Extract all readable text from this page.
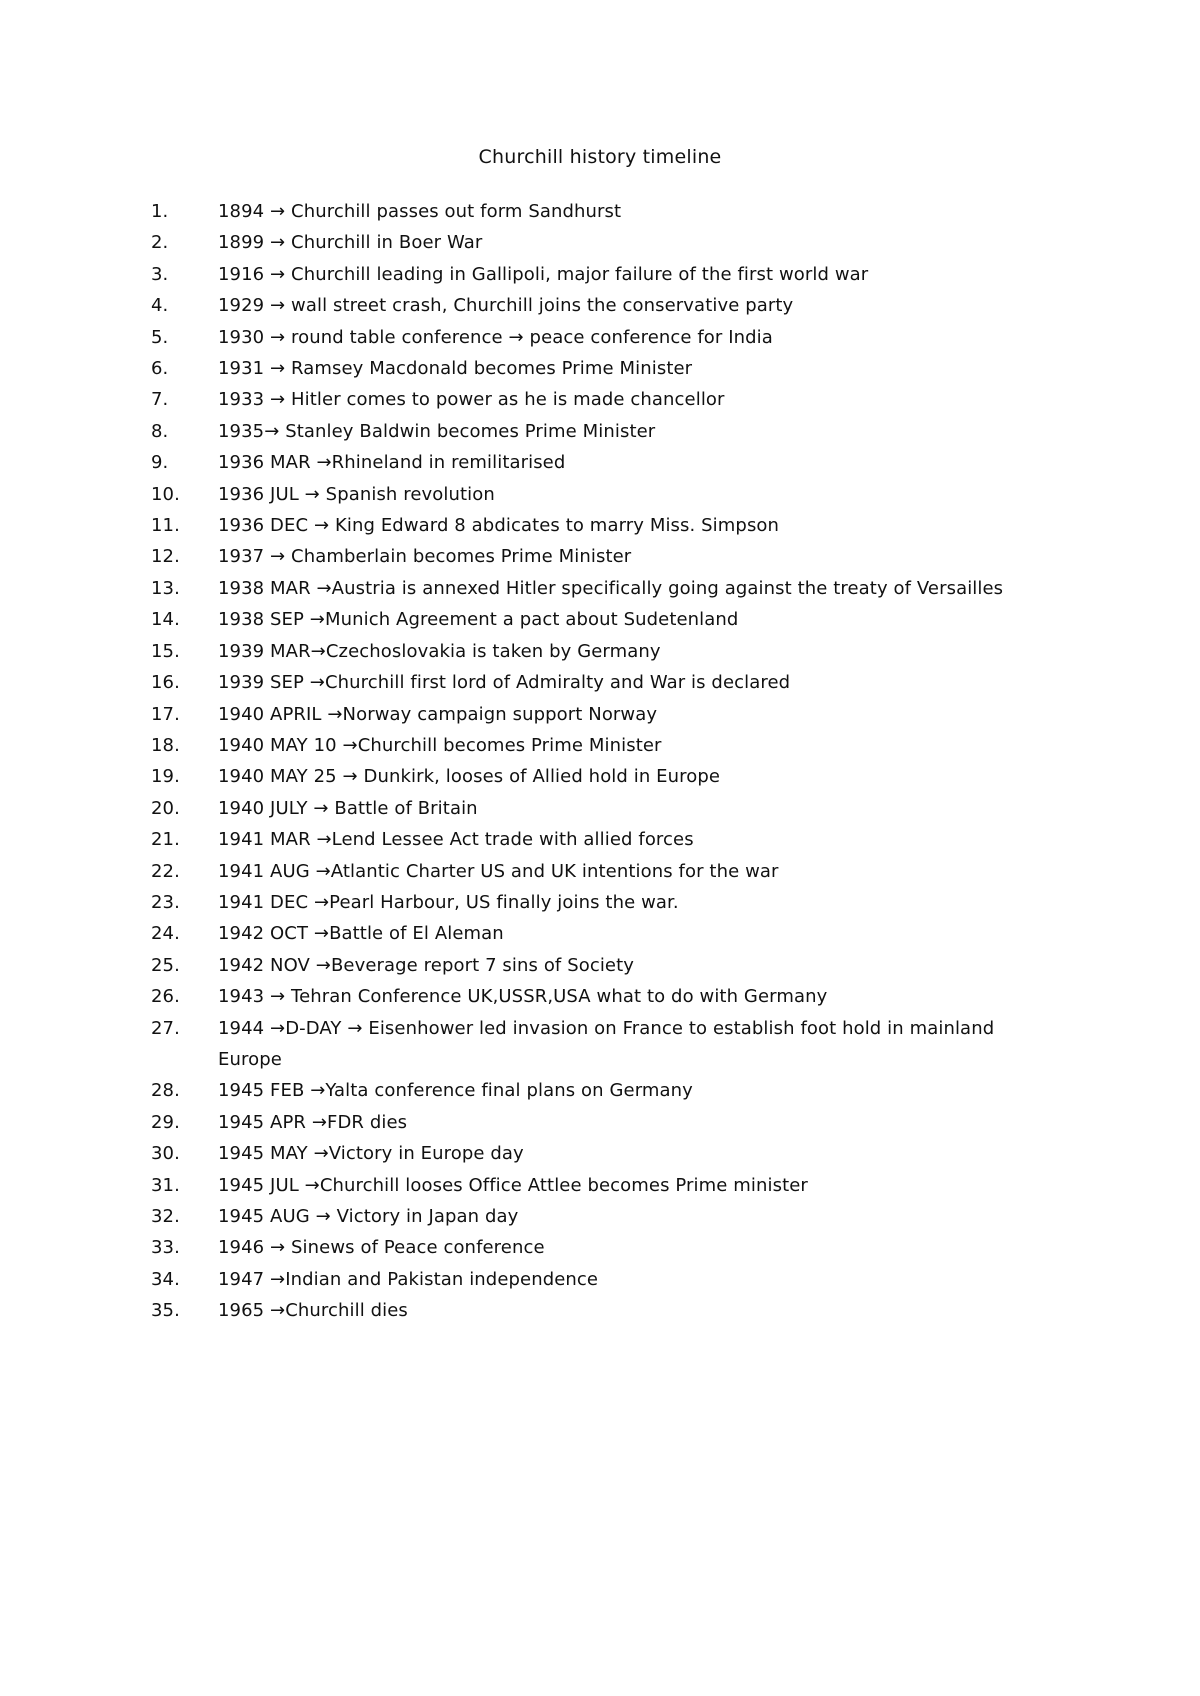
Churchill history timeline
1.	1894 → Churchill passes out form Sandhurst
2.	1899 → Churchill in Boer War
3.	1916 → Churchill leading in Gallipoli, major failure of the first world war
4.	1929 → wall street crash, Churchill joins the conservative party
5.	1930 → round table conference → peace conference for India
6.	1931 → Ramsey Macdonald becomes Prime Minister
7.	1933 → Hitler comes to power as he is made chancellor
8.	1935→ Stanley Baldwin becomes Prime Minister
9.	1936 MAR →Rhineland in remilitarised
10.	1936 JUL → Spanish revolution
11.	1936 DEC → King Edward 8 abdicates to marry Miss. Simpson
12.	1937 → Chamberlain becomes Prime Minister
13.	1938 MAR →Austria is annexed Hitler specifically going against the treaty of Versailles
14.	1938 SEP →Munich Agreement a pact about Sudetenland
15.	1939 MAR→Czechoslovakia is taken by Germany
16.	1939 SEP →Churchill first lord of Admiralty and War is declared
17.	1940 APRIL →Norway campaign support Norway
18.	1940 MAY 10 →Churchill becomes Prime Minister
19.	1940 MAY 25 → Dunkirk, looses of Allied hold in Europe
20.	1940 JULY → Battle of Britain
21.	1941 MAR →Lend Lessee Act trade with allied forces
22.	1941 AUG →Atlantic Charter US and UK intentions for the war
23.	1941 DEC →Pearl Harbour, US finally joins the war.
24.	1942 OCT →Battle of El Aleman
25.	1942 NOV →Beverage report 7 sins of Society
26.	1943 → Tehran Conference UK,USSR,USA what to do with Germany
27.	1944 →D-DAY → Eisenhower led invasion on France to establish foot hold in mainland Europe
28.	1945 FEB →Yalta conference final plans on Germany
29.	1945 APR →FDR dies
30.	1945 MAY →Victory in Europe day
31.	1945 JUL →Churchill looses Office Attlee becomes Prime minister
32.	1945 AUG → Victory in Japan day
33.	1946 → Sinews of Peace conference
34.	1947 →Indian and Pakistan independence
35.	1965 →Churchill dies
